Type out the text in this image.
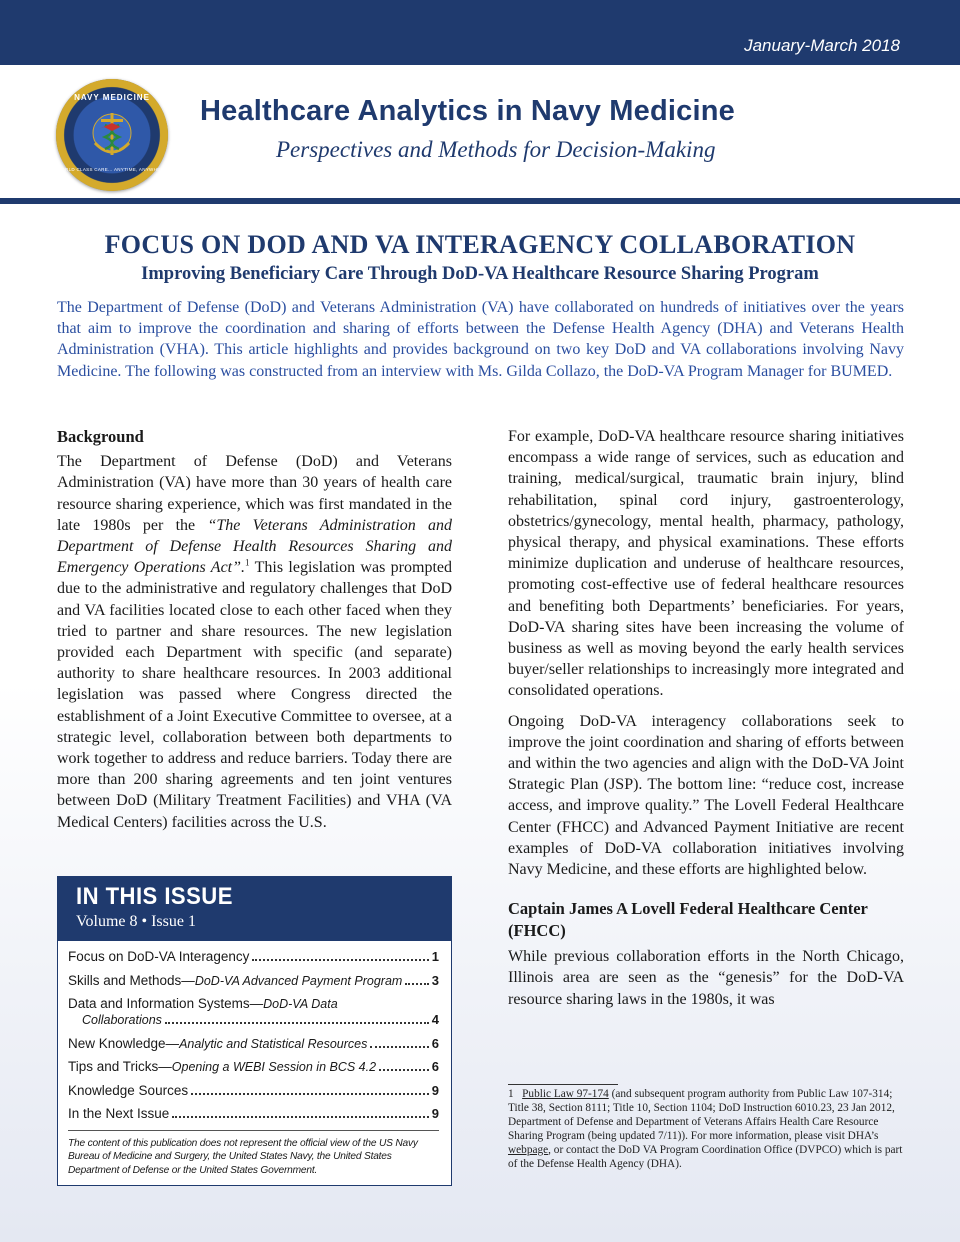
January-March 2018
NAVY MEDICINE
WORLD CLASS CARE... ANYTIME, ANYWHERE
Healthcare Analytics in Navy Medicine
Perspectives and Methods for Decision-Making
FOCUS ON DOD AND VA INTERAGENCY COLLABORATION
Improving Beneficiary Care Through DoD-VA Healthcare Resource Sharing Program

The Department of Defense (DoD) and Veterans Administration (VA) have collaborated on hundreds of initiatives over the years that aim to improve the coordination and sharing of efforts between the Defense Health Agency (DHA) and Veterans Health Administration (VHA). This article highlights and provides background on two key DoD and VA collaborations involving Navy Medicine. The following was constructed from an interview with Ms. Gilda Collazo, the DoD-VA Program Manager for BUMED.

Background

The Department of Defense (DoD) and Veterans Administration (VA) have more than 30 years of health care resource sharing experience, which was first mandated in the late 1980s per the “The Veterans Administration and Department of Defense Health Resources Sharing and Emergency Operations Act”.$^1$ This legislation was prompted due to the administrative and regulatory challenges that DoD and VA facilities located close to each other faced when they tried to partner and share resources. The new legislation provided each Department with specific (and separate) authority to share healthcare resources. In 2003 additional legislation was passed where Congress directed the establishment of a Joint Executive Committee to oversee, at a strategic level, collaboration between both departments to work together to address and reduce barriers. Today there are more than 200 sharing agreements and ten joint ventures between DoD (Military Treatment Facilities) and VHA (VA Medical Centers) facilities across the U.S.

For example, DoD-VA healthcare resource sharing initiatives encompass a wide range of services, such as education and training, medical/surgical, traumatic brain injury, blind rehabilitation, spinal cord injury, gastroenterology, obstetrics/gynecology, mental health, pharmacy, pathology, physical therapy, and physical examinations. These efforts minimize duplication and underuse of healthcare resources, promoting cost-effective use of federal healthcare resources and benefiting both Departments’ beneficiaries. For years, DoD-VA sharing sites have been increasing the volume of business as well as moving beyond the early health services buyer/seller relationships to increasingly more integrated and consolidated operations.

Ongoing DoD-VA interagency collaborations seek to improve the joint coordination and sharing of efforts between and within the two agencies and align with the DoD-VA Joint Strategic Plan (JSP). The bottom line: “reduce cost, increase access, and improve quality.” The Lovell Federal Healthcare Center (FHCC) and Advanced Payment Initiative are recent examples of DoD-VA collaboration initiatives involving Navy Medicine, and these efforts are highlighted below.

Captain James A Lovell Federal Healthcare Center (FHCC)

While previous collaboration efforts in the North Chicago, Illinois area are seen as the “genesis” for the DoD-VA resource sharing laws in the 1980s, it was

IN THIS ISSUE
Volume 8 • Issue 1
Focus on DoD-VA Interagency	1
Skills and Methods—DoD-VA Advanced Payment Program 3
Data and Information Systems—DoD-VA Data
Collaborations	4
New Knowledge—Analytic and Statistical Resources	6
Tips and Tricks—Opening a WEBI Session in BCS 4.2	6
Knowledge Sources	9
In the Next Issue	9
The content of this publication does not represent the official view of the US Navy Bureau of Medicine and Surgery, the United States Navy, the United States Department of Defense or the United States Government.
1 Public Law 97-174 (and subsequent program authority from Public Law 107-314; Title 38, Section 8111; Title 10, Section 1104; DoD Instruction 6010.23, 23 Jan 2012, Department of Defense and Department of Veterans Affairs Health Care Resource Sharing Program (being updated 7/11)). For more information, please visit DHA’s webpage, or contact the DoD VA Program Coordination Office (DVPCO) which is part of the Defense Health Agency (DHA).
